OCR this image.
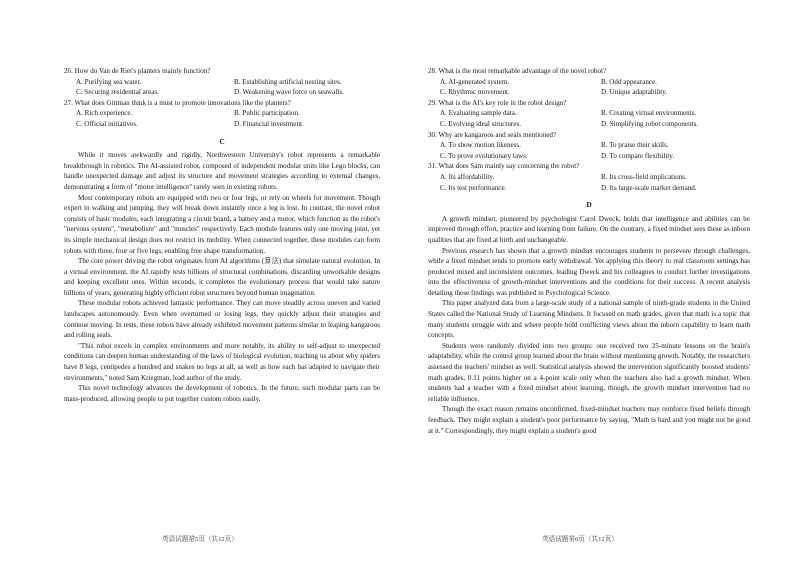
26. How do Van de Riet's planters mainly function?

A. Purifying sea water.	B. Establishing artificial nesting sites.
C. Securing residential areas.	D. Weakening wave force on seawalls.

27. What does Gittman think is a must to promote innovations like the planters?

A. Rich experience.	B. Public participation.
C. Official initiatives.	D. Financial investment.
C

While it moves awkwardly and rigidly, Northwestern University's robot represents a remarkable breakthrough in robotics. The AI-assisted robot, composed of independent modular units like Lego blocks, can handle unexpected damage and adjust its structure and movement strategies according to external changes, demonstrating a form of "motor intelligence" rarely seen in existing robots.

Most contemporary robots are equipped with two or four legs, or rely on wheels for movement. Though expert in walking and jumping, they will break down instantly once a leg is lost. In contrast, the novel robot consists of basic modules, each integrating a circuit board, a battery and a motor, which function as the robot's "nervous system", "metabolism" and "muscles" respectively. Each module features only one moving joint, yet its simple mechanical design does not restrict its mobility. When connected together, these modules can form robots with three, four or five legs, enabling free shape transformation.

The core power driving the robot originates from AI algorithms (算法) that simulate natural evolution. In a virtual environment, the AI rapidly tests billions of structural combinations, discarding unworkable designs and keeping excellent ones. Within seconds, it completes the evolutionary process that would take nature billions of years, generating highly efficient robot structures beyond human imagination.

These modular robots achieved fantastic performance. They can move steadily across uneven and varied landscapes autonomously. Even when overturned or losing legs, they quickly adjust their strategies and continue moving. In tests, these robots have already exhibited movement patterns similar to leaping kangaroos and rolling seals.

"This robot excels in complex environments and more notably, its ability to self-adjust to unexpected conditions can deepen human understanding of the laws of biological evolution, teaching us about why spiders have 8 legs, centipedes a hundred and snakes no legs at all, as well as how each has adapted to navigate their environments," noted Sam Kriegman, lead author of the study.

This novel technology advances the development of robotics. In the future, such modular parts can be mass-produced, allowing people to put together custom robots easily.

英语试题第5页（共12页）

28. What is the most remarkable advantage of the novel robot?

A. AI-generated system.	B. Odd appearance.
C. Rhythmic movement.	D. Unique adaptability.

29. What is the AI's key role in the robot design?

A. Evaluating sample data.	B. Creating virtual environments.
C. Evolving ideal structures.	D. Simplifying robot components.

30. Why are kangaroos and seals mentioned?

A. To show motion likeness.	B. To praise their skills.
C. To prove evolutionary laws.	D. To compare flexibility.

31. What does Sam mainly say concerning the robot?

A. Its affordability.	B. Its cross-field implications.
C. Its test performance.	D. Its large-scale market demand.
D

A growth mindset, pioneered by psychologist Carol Dweck, holds that intelligence and abilities can be improved through effort, practice and learning from failure. On the contrary, a fixed mindset sees these as inborn qualities that are fixed at birth and unchangeable.

Previous research has shown that a growth mindset encourages students to persevere through challenges, while a fixed mindset tends to promote early withdrawal. Yet applying this theory to real classroom settings has produced mixed and inconsistent outcomes, leading Dweck and his colleagues to conduct further investigations into the effectiveness of growth-mindset interventions and the conditions for their success. A recent analysis detailing these findings was published in Psychological Science.

This paper analyzed data from a large-scale study of a national sample of ninth-grade students in the United States called the National Study of Learning Mindsets. It focused on math grades, given that math is a topic that many students struggle with and where people hold conflicting views about the inborn capability to learn math concepts.

Students were randomly divided into two groups: one received two 25-minute lessons on the brain's adaptability, while the control group learned about the brain without mentioning growth. Notably, the researchers assessed the teachers' mindset as well. Statistical analysis showed the intervention significantly boosted students' math grades, 0.11 points higher on a 4-point scale only when the teachers also had a growth mindset. When students had a teacher with a fixed mindset about learning, though, the growth mindset intervention had no reliable influence.

Though the exact reason remains unconfirmed, fixed-mindset teachers may reinforce fixed beliefs through feedback. They might explain a student's poor performance by saying, "Math is hard and you might not be good at it." Correspondingly, they might explain a student's good

英语试题第6页（共12页）
